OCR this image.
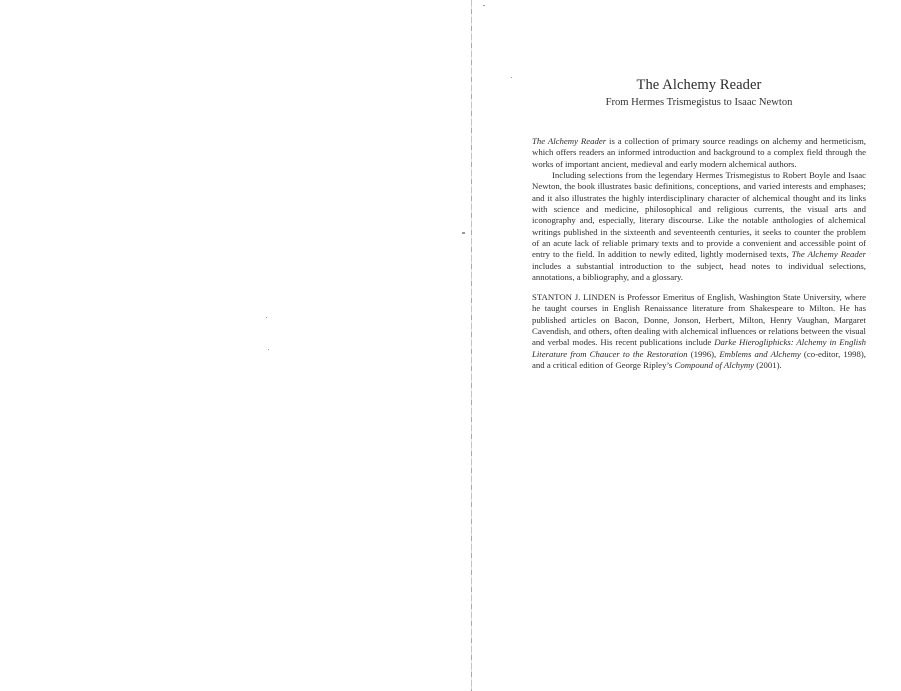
The Alchemy Reader
From Hermes Trismegistus to Isaac Newton

The Alchemy Reader is a collection of primary source readings on alchemy and hermeticism, which offers readers an informed introduction and background to a complex field through the works of important ancient, medieval and early modern alchemical authors.

Including selections from the legendary Hermes Trismegistus to Robert Boyle and Isaac Newton, the book illustrates basic definitions, conceptions, and varied interests and emphases; and it also illustrates the highly interdisciplinary character of alchemical thought and its links with science and medicine, philosophical and religious currents, the visual arts and iconography and, especially, literary discourse. Like the notable anthologies of alchemical writings published in the sixteenth and seventeenth centuries, it seeks to counter the problem of an acute lack of reliable primary texts and to provide a convenient and accessible point of entry to the field. In addition to newly edited, lightly modernised texts, The Alchemy Reader includes a substantial introduction to the subject, head notes to individual selections, annotations, a bibliography, and a glossary.

STANTON J. LINDEN is Professor Emeritus of English, Washington State University, where he taught courses in English Renaissance literature from Shakespeare to Milton. He has published articles on Bacon, Donne, Jonson, Herbert, Milton, Henry Vaughan, Margaret Cavendish, and others, often dealing with alchemical influences or relations between the visual and verbal modes. His recent publications include Darke Hierogliphicks: Alchemy in English Literature from Chaucer to the Restoration (1996), Emblems and Alchemy (co-editor, 1998), and a critical edition of George Ripley’s Compound of Alchymy (2001).
